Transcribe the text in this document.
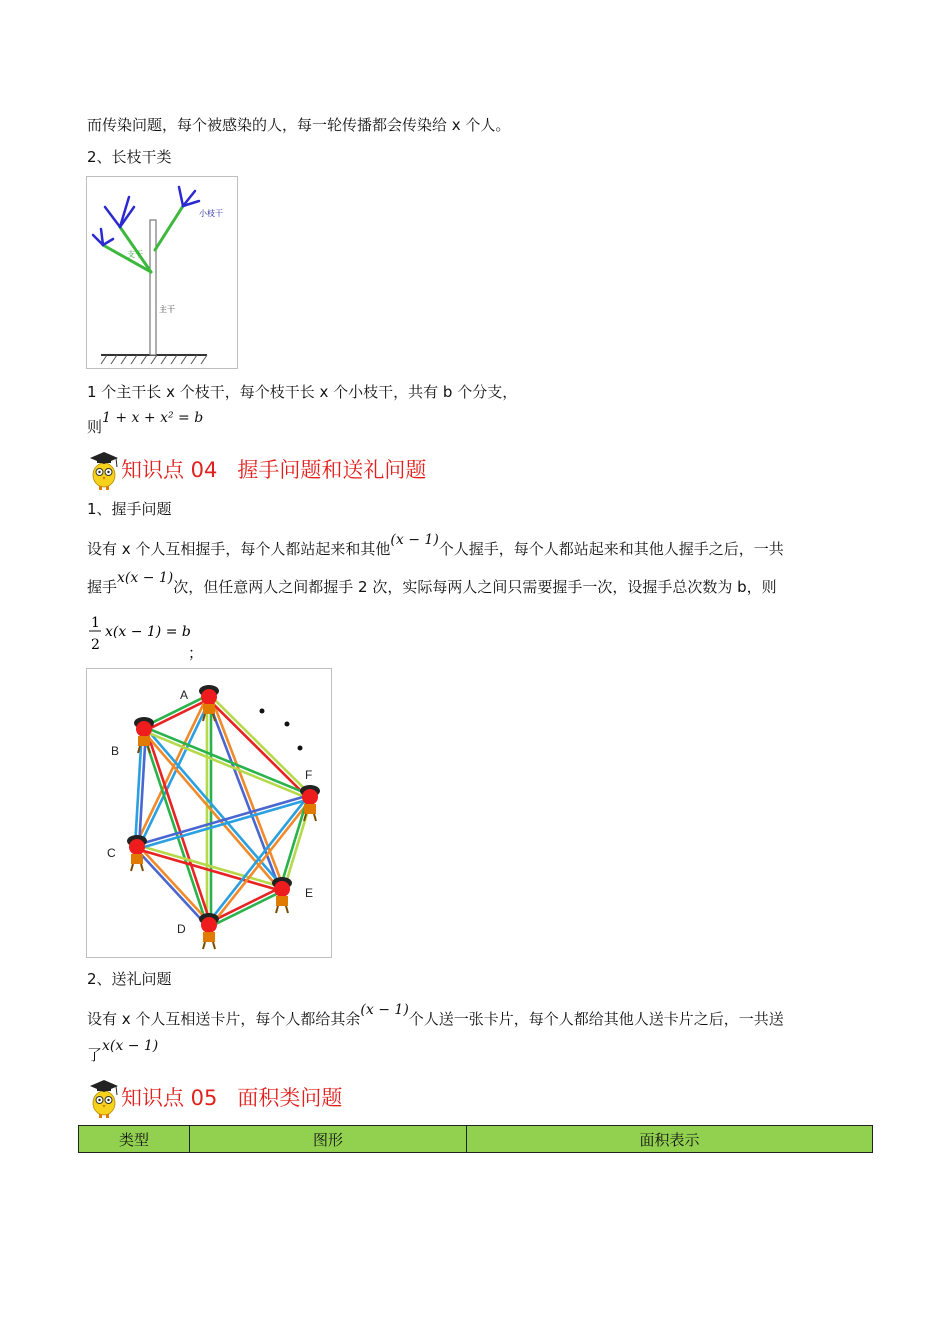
而传染问题，每个被感染的人，每一轮传播都会传染给 x 个人。
2、长枝干类
小枝干
支干
主干
1 个主干长 x 个枝干，每个枝干长 x 个小枝干，共有 b 个分支，
则1 + x + x² = b
知识点 04 握手问题和送礼问题
1、握手问题
设有 x 个人互相握手，每个人都站起来和其他(x − 1)个人握手，每个人都站起来和其他人握手之后，一共
握手x(x − 1)次，但任意两人之间都握手 2 次，实际每两人之间只需要握手一次，设握手总次数为 b，则
1
2
x(x − 1) = b
；
A
B
C
D
E
F
2、送礼问题
设有 x 个人互相送卡片，每个人都给其余(x − 1)个人送一张卡片，每个人都给其他人送卡片之后，一共送
了x(x − 1)
知识点 05 面积类问题
类型	图形	面积表示
